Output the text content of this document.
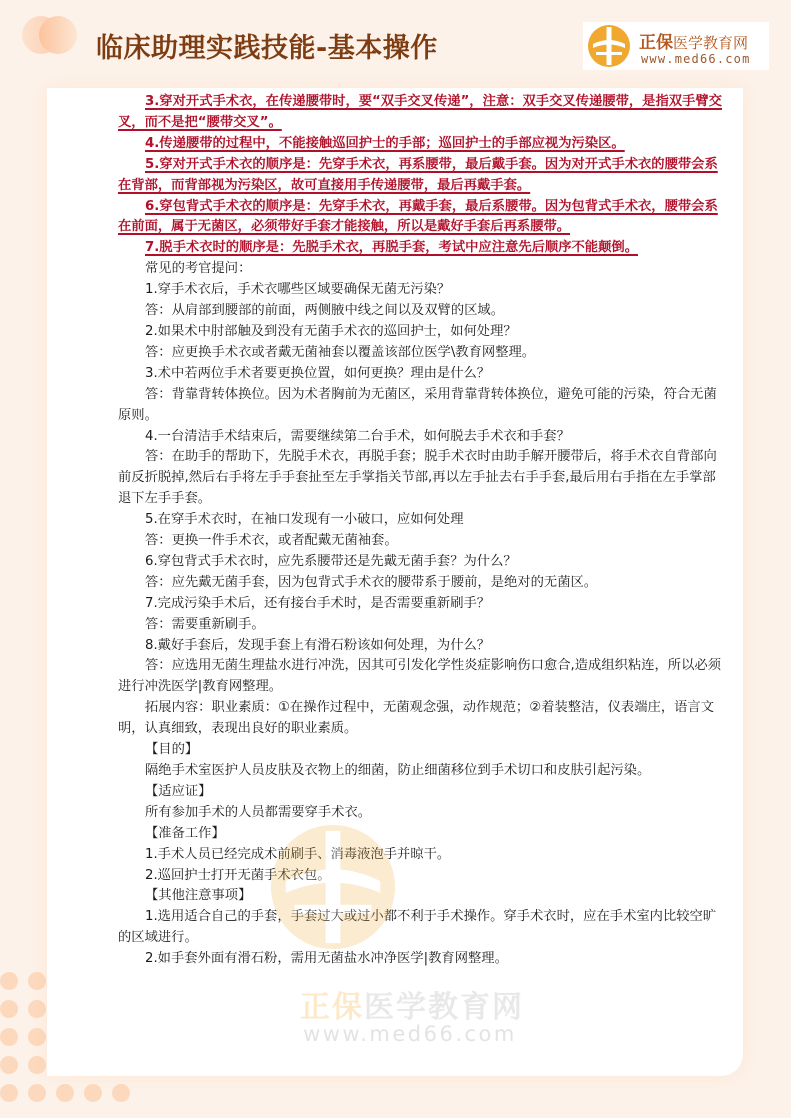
临床助理实践技能-基本操作	正保医学教育网
www.med66.com

3.穿对开式手术衣，在传递腰带时，要“双手交叉传递”，注意：双手交叉传递腰带，是指双手臂交叉，而不是把“腰带交叉”。

4.传递腰带的过程中，不能接触巡回护士的手部；巡回护士的手部应视为污染区。

5.穿对开式手术衣的顺序是：先穿手术衣，再系腰带，最后戴手套。因为对开式手术衣的腰带会系在背部，而背部视为污染区，故可直接用手传递腰带，最后再戴手套。

6.穿包背式手术衣的顺序是：先穿手术衣，再戴手套，最后系腰带。因为包背式手术衣，腰带会系在前面，属于无菌区，必须带好手套才能接触，所以是戴好手套后再系腰带。

7.脱手术衣时的顺序是：先脱手术衣，再脱手套，考试中应注意先后顺序不能颠倒。

常见的考官提问：

1.穿手术衣后，手术衣哪些区域要确保无菌无污染？

答：从肩部到腰部的前面，两侧腋中线之间以及双臂的区域。

2.如果术中肘部触及到没有无菌手术衣的巡回护士，如何处理？

答：应更换手术衣或者戴无菌袖套以覆盖该部位医学\教育网整理。

3.术中若两位手术者要更换位置，如何更换？理由是什么？

答：背靠背转体换位。因为术者胸前为无菌区，采用背靠背转体换位，避免可能的污染，符合无菌原则。

4.一台清洁手术结束后，需要继续第二台手术，如何脱去手术衣和手套？

答：在助手的帮助下，先脱手术衣，再脱手套；脱手术衣时由助手解开腰带后，将手术衣自背部向前反折脱掉,然后右手将左手手套扯至左手掌指关节部,再以左手扯去右手手套,最后用右手指在左手掌部退下左手手套。

5.在穿手术衣时，在袖口发现有一小破口，应如何处理

答：更换一件手术衣，或者配戴无菌袖套。

6.穿包背式手术衣时，应先系腰带还是先戴无菌手套？为什么？

答：应先戴无菌手套，因为包背式手术衣的腰带系于腰前，是绝对的无菌区。

7.完成污染手术后，还有接台手术时，是否需要重新刷手？

答：需要重新刷手。

8.戴好手套后，发现手套上有滑石粉该如何处理，为什么？

答：应选用无菌生理盐水进行冲洗，因其可引发化学性炎症影响伤口愈合,造成组织粘连，所以必须进行冲洗医学|教育网整理。

拓展内容：职业素质：①在操作过程中，无菌观念强，动作规范；②着装整洁，仪表端庄，语言文明，认真细致，表现出良好的职业素质。

【目的】

隔绝手术室医护人员皮肤及衣物上的细菌，防止细菌移位到手术切口和皮肤引起污染。

【适应证】

所有参加手术的人员都需要穿手术衣。

【准备工作】

1.手术人员已经完成术前刷手、消毒液泡手并晾干。

2.巡回护士打开无菌手术衣包。

【其他注意事项】

1.选用适合自己的手套，手套过大或过小都不利于手术操作。穿手术衣时，应在手术室内比较空旷的区域进行。

2.如手套外面有滑石粉，需用无菌盐水冲净医学|教育网整理。

正保医学教育网
www.med66.com
